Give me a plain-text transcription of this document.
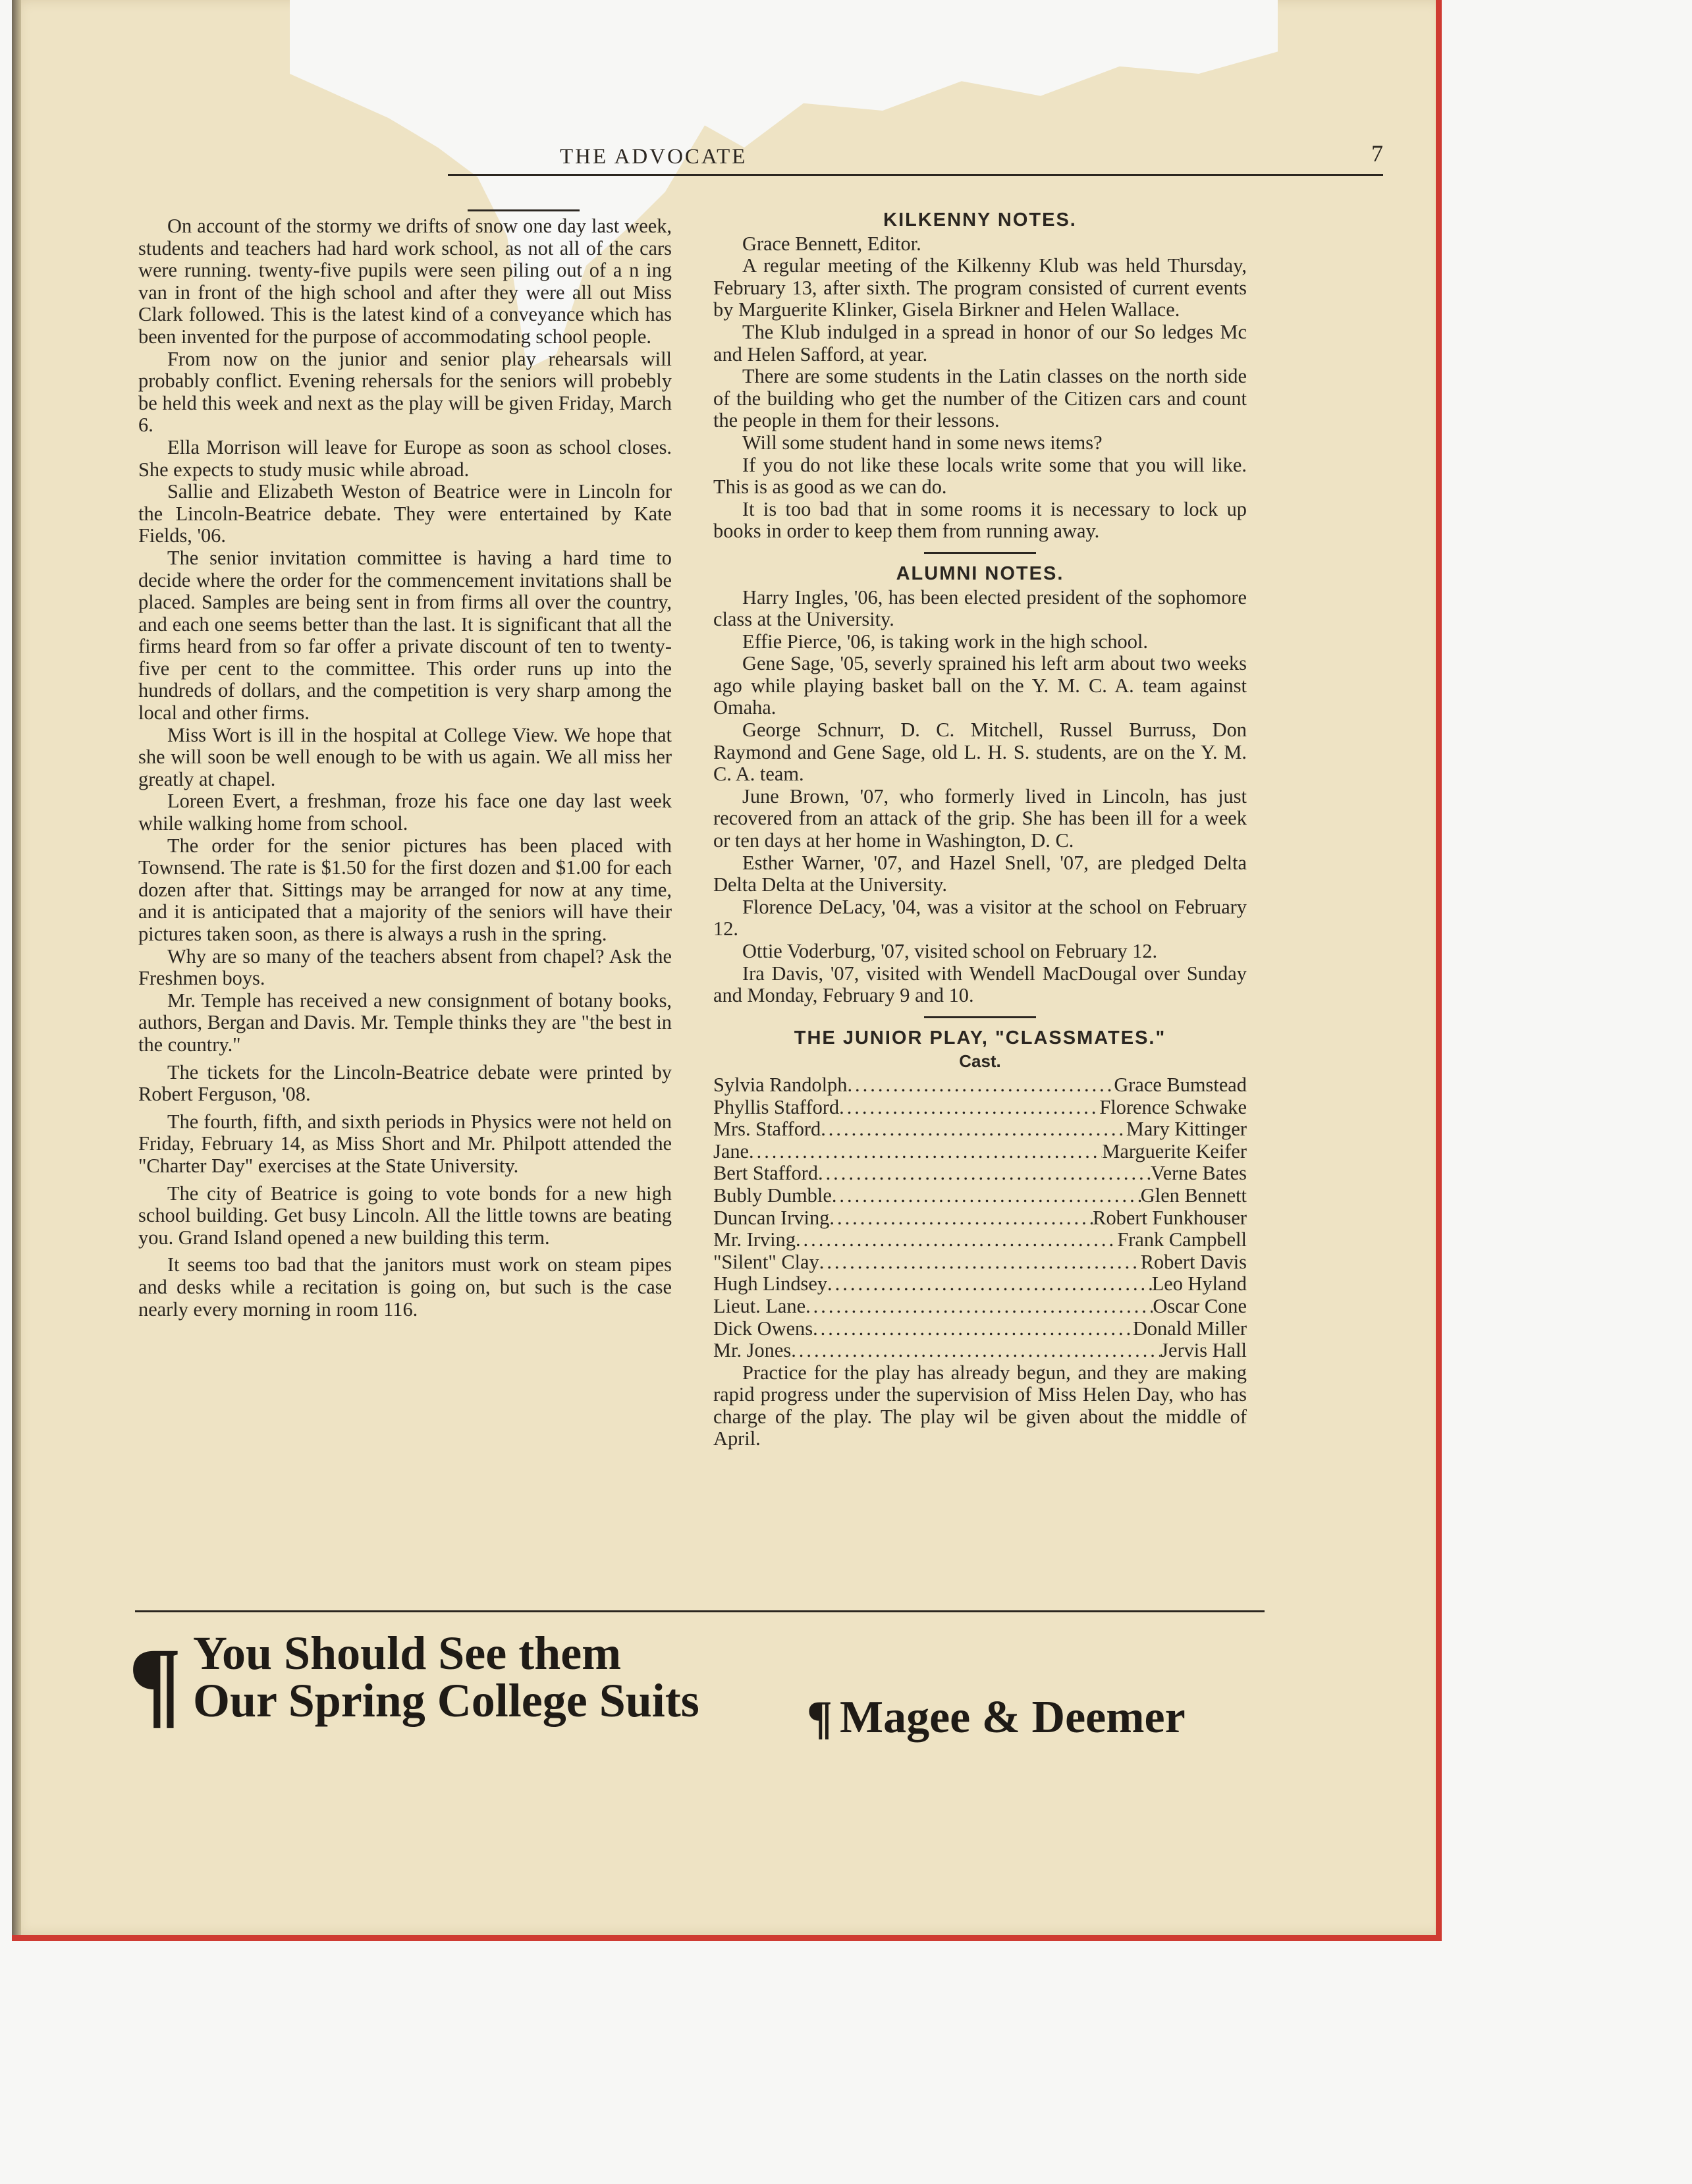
THE ADVOCATE	7

On account of the stormy we drifts of snow one day last week, students and teachers had hard work school, as not all of the cars were running. twenty-five pupils were seen piling out of a n ing van in front of the high school and after they were all out Miss Clark followed. This is the latest kind of a conveyance which has been invented for the purpose of accommodating school people.

From now on the junior and senior play rehearsals will probably conflict. Evening rehersals for the seniors will probebly be held this week and next as the play will be given Friday, March 6.

Ella Morrison will leave for Europe as soon as school closes. She expects to study music while abroad.

Sallie and Elizabeth Weston of Beatrice were in Lincoln for the Lincoln-Beatrice debate. They were entertained by Kate Fields, '06.

The senior invitation committee is having a hard time to decide where the order for the commencement invitations shall be placed. Samples are being sent in from firms all over the country, and each one seems better than the last. It is significant that all the firms heard from so far offer a private discount of ten to twenty-five per cent to the committee. This order runs up into the hundreds of dollars, and the competition is very sharp among the local and other firms.

Miss Wort is ill in the hospital at College View. We hope that she will soon be well enough to be with us again. We all miss her greatly at chapel.

Loreen Evert, a freshman, froze his face one day last week while walking home from school.

The order for the senior pictures has been placed with Townsend. The rate is $1.50 for the first dozen and $1.00 for each dozen after that. Sittings may be arranged for now at any time, and it is anticipated that a majority of the seniors will have their pictures taken soon, as there is always a rush in the spring.

Why are so many of the teachers absent from chapel? Ask the Freshmen boys.

Mr. Temple has received a new consignment of botany books, authors, Bergan and Davis. Mr. Temple thinks they are "the best in the country."

The tickets for the Lincoln-Beatrice debate were printed by Robert Ferguson, '08.

The fourth, fifth, and sixth periods in Physics were not held on Friday, February 14, as Miss Short and Mr. Philpott attended the "Charter Day" exercises at the State University.

The city of Beatrice is going to vote bonds for a new high school building. Get busy Lincoln. All the little towns are beating you. Grand Island opened a new building this term.

It seems too bad that the janitors must work on steam pipes and desks while a recitation is going on, but such is the case nearly every morning in room 116.

KILKENNY NOTES.

Grace Bennett, Editor.

A regular meeting of the Kilkenny Klub was held Thursday, February 13, after sixth. The program consisted of current events by Marguerite Klinker, Gisela Birkner and Helen Wallace.

The Klub indulged in a spread in honor of our So ledges Mc and Helen Safford, at year.

There are some students in the Latin classes on the north side of the building who get the number of the Citizen cars and count the people in them for their lessons.

Will some student hand in some news items?

If you do not like these locals write some that you will like. This is as good as we can do.

It is too bad that in some rooms it is necessary to lock up books in order to keep them from running away.

ALUMNI NOTES.

Harry Ingles, '06, has been elected president of the sophomore class at the University.

Effie Pierce, '06, is taking work in the high school.

Gene Sage, '05, severly sprained his left arm about two weeks ago while playing basket ball on the Y. M. C. A. team against Omaha.

George Schnurr, D. C. Mitchell, Russel Burruss, Don Raymond and Gene Sage, old L. H. S. students, are on the Y. M. C. A. team.

June Brown, '07, who formerly lived in Lincoln, has just recovered from an attack of the grip. She has been ill for a week or ten days at her home in Washington, D. C.

Esther Warner, '07, and Hazel Snell, '07, are pledged Delta Delta Delta at the University.

Florence DeLacy, '04, was a visitor at the school on February 12.

Ottie Voderburg, '07, visited school on February 12.

Ira Davis, '07, visited with Wendell MacDougal over Sunday and Monday, February 9 and 10.

THE JUNIOR PLAY, "CLASSMATES."
Cast.
Sylvia Randolph .....	Grace Bumstead
Phyllis Stafford .....	Florence Schwake
Mrs. Stafford .....	Mary Kittinger
Jane .....	Marguerite Keifer
Bert Stafford .....	Verne Bates
Bubly Dumble .....	Glen Bennett
Duncan Irving .....	Robert Funkhouser
Mr. Irving .....	Frank Campbell
"Silent" Clay .....	Robert Davis
Hugh Lindsey .....	Leo Hyland
Lieut. Lane .....	Oscar Cone
Dick Owens .....	Donald Miller
Mr. Jones .....	Jervis Hall

Practice for the play has already begun, and they are making rapid progress under the supervision of Miss Helen Day, who has charge of the play. The play wil be given about the middle of April.

¶ You Should See them
Our Spring College Suits ¶ Magee & Deemer
